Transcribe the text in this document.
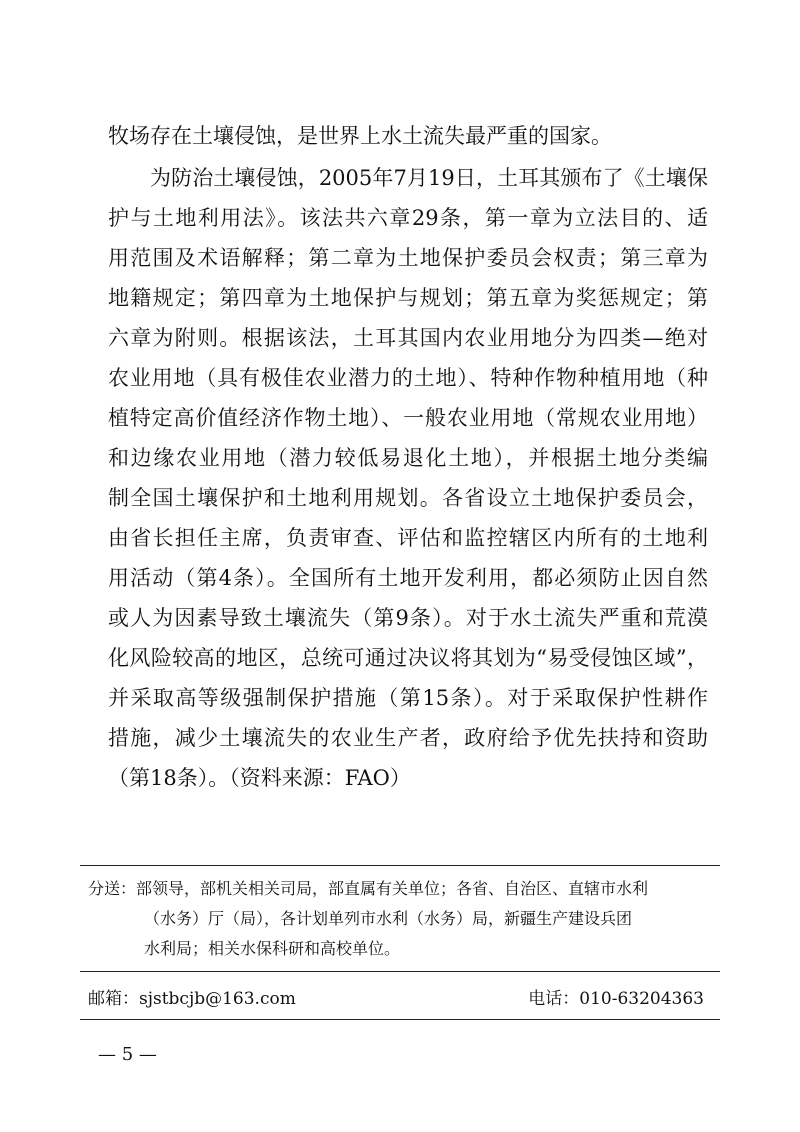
牧场存在土壤侵蚀，是世界上水土流失最严重的国家。
为防治土壤侵蚀，2005年7月19日，土耳其颁布了《土壤保
护与土地利用法》。该法共六章29条，第一章为立法目的、适
用范围及术语解释；第二章为土地保护委员会权责；第三章为
地籍规定；第四章为土地保护与规划；第五章为奖惩规定；第
六章为附则。根据该法，土耳其国内农业用地分为四类—绝对
农业用地（具有极佳农业潜力的土地）、特种作物种植用地（种
植特定高价值经济作物土地）、一般农业用地（常规农业用地）
和边缘农业用地（潜力较低易退化土地），并根据土地分类编
制全国土壤保护和土地利用规划。各省设立土地保护委员会，
由省长担任主席，负责审查、评估和监控辖区内所有的土地利
用活动（第4条）。全国所有土地开发利用，都必须防止因自然
或人为因素导致土壤流失（第9条）。对于水土流失严重和荒漠
化风险较高的地区，总统可通过决议将其划为“易受侵蚀区域”，
并采取高等级强制保护措施（第15条）。对于采取保护性耕作
措施，减少土壤流失的农业生产者，政府给予优先扶持和资助
（第18条）。（资料来源：FAO）
分送：部领导，部机关相关司局，部直属有关单位；各省、自治区、直辖市水利
（水务）厅（局），各计划单列市水利（水务）局，新疆生产建设兵团
水利局；相关水保科研和高校单位。
邮箱：sjstbcjb@163.com	电话：010-63204363
— 5 —
